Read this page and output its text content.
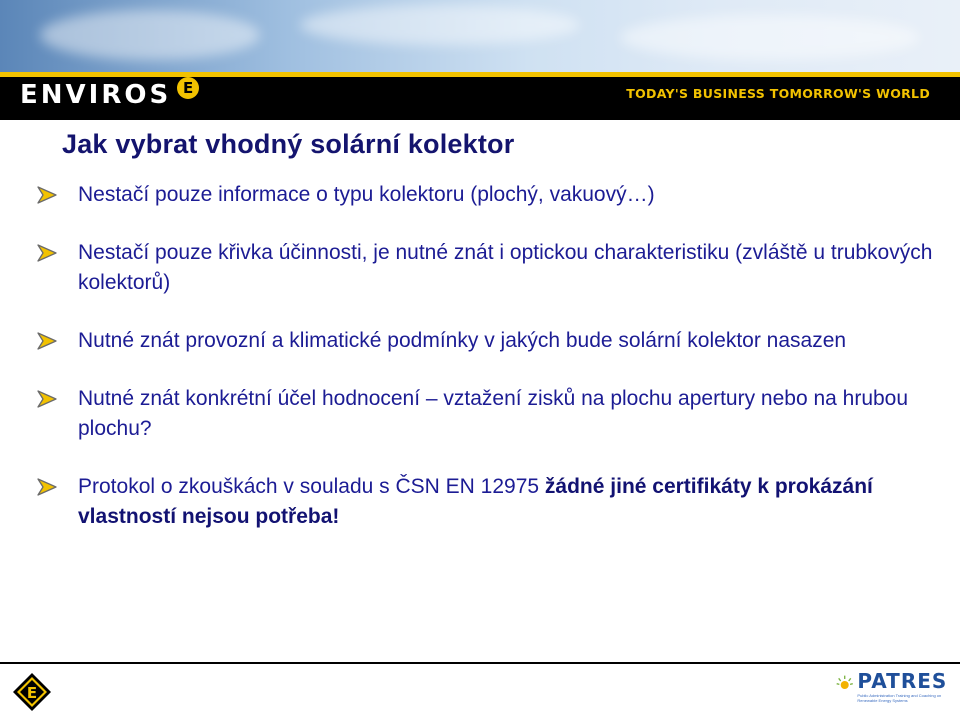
ENVIROS E	TODAY'S BUSINESS TOMORROW'S WORLD
Jak vybrat vhodný solární kolektor
Nestačí pouze informace o typu kolektoru (plochý, vakuový…)
Nestačí pouze křivka účinnosti, je nutné znát i optickou charakteristiku (zvláště u trubkových kolektorů)
Nutné znát provozní a klimatické podmínky v jakých bude solární kolektor nasazen
Nutné znát konkrétní účel hodnocení – vztažení zisků na plochu apertury nebo na hrubou plochu?
Protokol o zkouškách v souladu s ČSN EN 12975 žádné jiné certifikáty k prokázání vlastností nejsou potřeba!
E	PATRES
Public Administration Training and Coaching on Renewable Energy Systems
